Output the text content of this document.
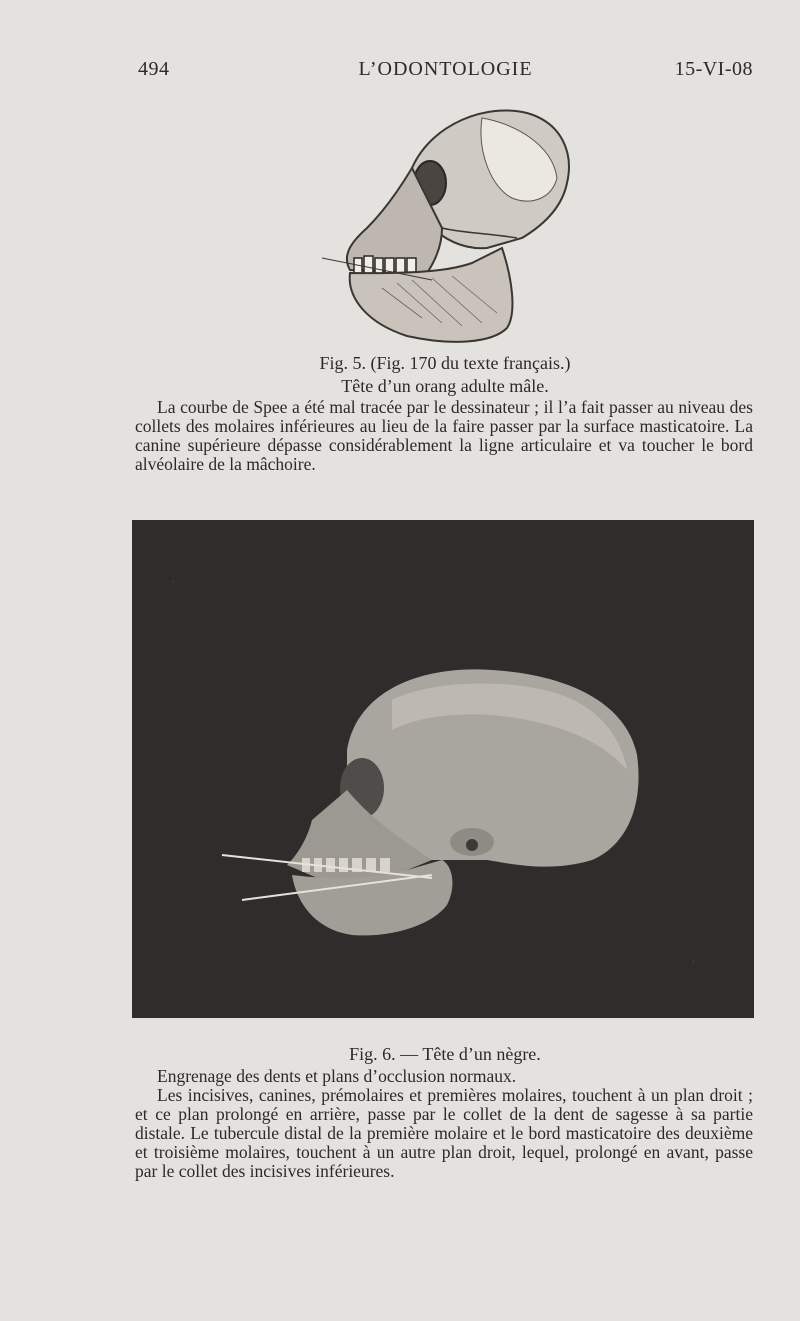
494	L’ODONTOLOGIE	15-VI-08
Fig. 5. (Fig. 170 du texte français.)
Tête d’un orang adulte mâle.

La courbe de Spee a été mal tracée par le dessinateur ; il l’a fait passer au niveau des collets des molaires inférieures au lieu de la faire passer par la surface masticatoire. La canine supérieure dépasse considérablement la ligne articulaire et va toucher le bord alvéolaire de la mâchoire.

Fig. 6. — Tête d’un nègre.

Engrenage des dents et plans d’occlusion normaux.

Les incisives, canines, prémolaires et premières molaires, touchent à un plan droit ; et ce plan prolongé en arrière, passe par le collet de la dent de sagesse à sa partie distale. Le tubercule distal de la première molaire et le bord masticatoire des deuxième et troisième molaires, touchent à un autre plan droit, lequel, prolongé en avant, passe par le collet des incisives inférieures.
